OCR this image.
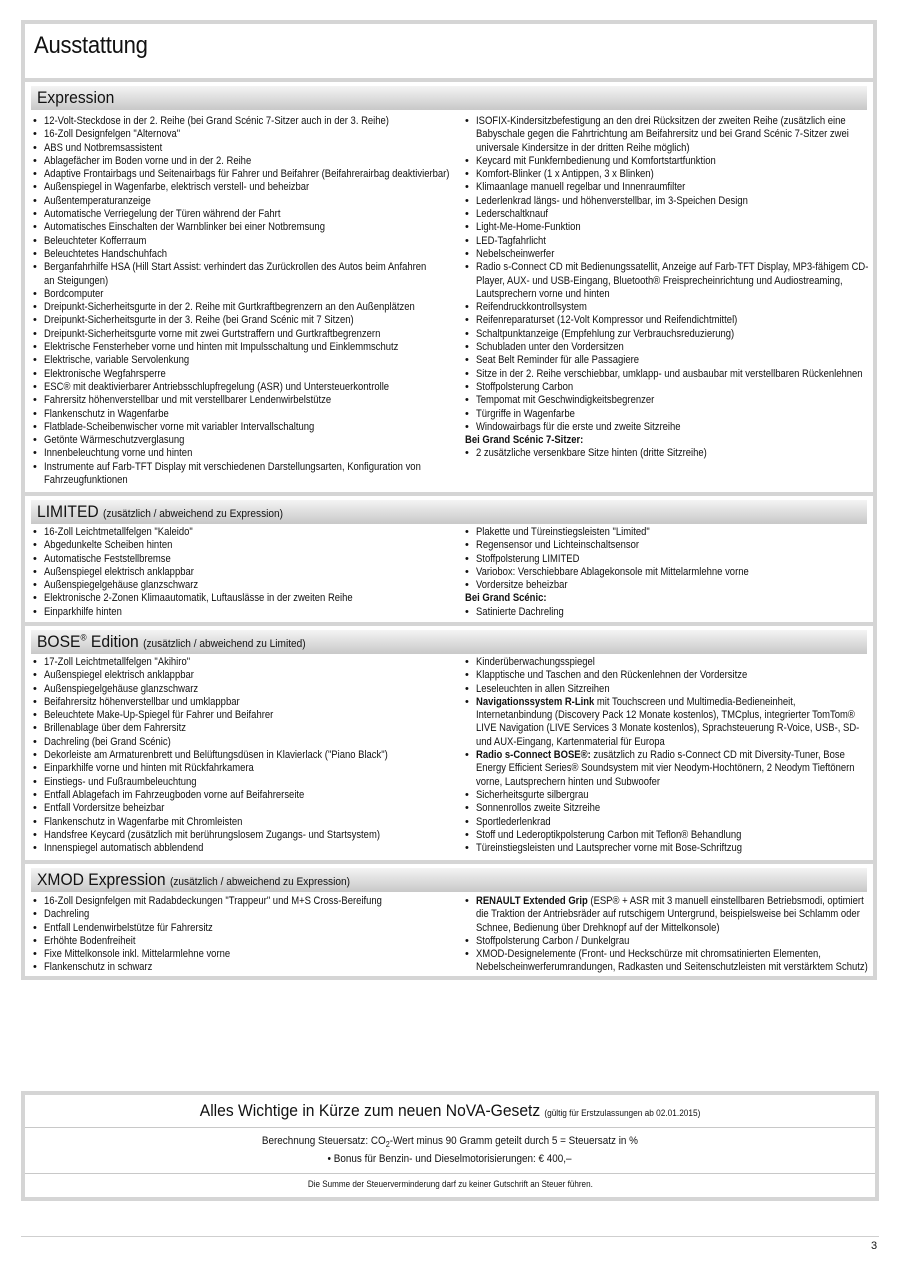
Ausstattung
Expression
• 12-Volt-Steckdose in der 2. Reihe (bei Grand Scénic 7-Sitzer auch in der 3. Reihe)
• 16-Zoll Designfelgen "Alternova"
• ABS und Notbremsassistent
• Ablagefächer im Boden vorne und in der 2. Reihe
• Adaptive Frontairbags und Seitenairbags für Fahrer und Beifahrer (Beifahrerairbag deaktivierbar)
• Außenspiegel in Wagenfarbe, elektrisch verstell- und beheizbar
• Außentemperaturanzeige
• Automatische Verriegelung der Türen während der Fahrt
• Automatisches Einschalten der Warnblinker bei einer Notbremsung
• Beleuchteter Kofferraum
• Beleuchtetes Handschuhfach
• Berganfahrhilfe HSA (Hill Start Assist: verhindert das Zurückrollen des Autos beim Anfahren
an Steigungen)
• Bordcomputer
• Dreipunkt-Sicherheitsgurte in der 2. Reihe mit Gurtkraftbegrenzern an den Außenplätzen
• Dreipunkt-Sicherheitsgurte in der 3. Reihe (bei Grand Scénic mit 7 Sitzen)
• Dreipunkt-Sicherheitsgurte vorne mit zwei Gurtstraffern und Gurtkraftbegrenzern
• Elektrische Fensterheber vorne und hinten mit Impulsschaltung und Einklemmschutz
• Elektrische, variable Servolenkung
• Elektronische Wegfahrsperre
• ESC® mit deaktivierbarer Antriebsschlupfregelung (ASR) und Untersteuerkontrolle
• Fahrersitz höhenverstellbar und mit verstellbarer Lendenwirbelstütze
• Flankenschutz in Wagenfarbe
• Flatblade-Scheibenwischer vorne mit variabler Intervallschaltung
• Getönte Wärmeschutzverglasung
• Innenbeleuchtung vorne und hinten
• Instrumente auf Farb-TFT Display mit verschiedenen Darstellungsarten, Konfiguration von
Fahrzeugfunktionen
• ISOFIX-Kindersitzbefestigung an den drei Rücksitzen der zweiten Reihe (zusätzlich eine
Babyschale gegen die Fahrtrichtung am Beifahrersitz und bei Grand Scénic 7-Sitzer zwei
universale Kindersitze in der dritten Reihe möglich)
• Keycard mit Funkfernbedienung und Komfortstartfunktion
• Komfort-Blinker (1 x Antippen, 3 x Blinken)
• Klimaanlage manuell regelbar und Innenraumfilter
• Lederlenkrad längs- und höhenverstellbar, im 3-Speichen Design
• Lederschaltknauf
• Light-Me-Home-Funktion
• LED-Tagfahrlicht
• Nebelscheinwerfer
• Radio s-Connect CD mit Bedienungssatellit, Anzeige auf Farb-TFT Display, MP3-fähigem CD-
Player, AUX- und USB-Eingang, Bluetooth® Freisprecheinrichtung und Audiostreaming,
Lautsprechern vorne und hinten
• Reifendruckkontrollsystem
• Reifenreparaturset (12-Volt Kompressor und Reifendichtmittel)
• Schaltpunktanzeige (Empfehlung zur Verbrauchsreduzierung)
• Schubladen unter den Vordersitzen
• Seat Belt Reminder für alle Passagiere
• Sitze in der 2. Reihe verschiebbar, umklapp- und ausbaubar mit verstellbaren Rückenlehnen
• Stoffpolsterung Carbon
• Tempomat mit Geschwindigkeitsbegrenzer
• Türgriffe in Wagenfarbe
• Windowairbags für die erste und zweite Sitzreihe
Bei Grand Scénic 7-Sitzer:
• 2 zusätzliche versenkbare Sitze hinten (dritte Sitzreihe)
LIMITED (zusätzlich / abweichend zu Expression)
• 16-Zoll Leichtmetallfelgen "Kaleido"
• Abgedunkelte Scheiben hinten
• Automatische Feststellbremse
• Außenspiegel elektrisch anklappbar
• Außenspiegelgehäuse glanzschwarz
• Elektronische 2-Zonen Klimaautomatik, Luftauslässe in der zweiten Reihe
• Einparkhilfe hinten
• Plakette und Türeinstiegsleisten "Limited"
• Regensensor und Lichteinschaltsensor
• Stoffpolsterung LIMITED
• Variobox: Verschiebbare Ablagekonsole mit Mittelarmlehne vorne
• Vordersitze beheizbar
Bei Grand Scénic:
• Satinierte Dachreling
BOSE® Edition (zusätzlich / abweichend zu Limited)
• 17-Zoll Leichtmetallfelgen "Akihiro"
• Außenspiegel elektrisch anklappbar
• Außenspiegelgehäuse glanzschwarz
• Beifahrersitz höhenverstellbar und umklappbar
• Beleuchtete Make-Up-Spiegel für Fahrer und Beifahrer
• Brillenablage über dem Fahrersitz
• Dachreling (bei Grand Scénic)
• Dekorleiste am Armaturenbrett und Belüftungsdüsen in Klavierlack ("Piano Black")
• Einparkhilfe vorne und hinten mit Rückfahrkamera
• Einstiegs- und Fußraumbeleuchtung
• Entfall Ablagefach im Fahrzeugboden vorne auf Beifahrerseite
• Entfall Vordersitze beheizbar
• Flankenschutz in Wagenfarbe mit Chromleisten
• Handsfree Keycard (zusätzlich mit berührungslosem Zugangs- und Startsystem)
• Innenspiegel automatisch abblendend
• Kinderüberwachungsspiegel
• Klapptische und Taschen and den Rückenlehnen der Vordersitze
• Leseleuchten in allen Sitzreihen
• Navigationssystem R-Link mit Touchscreen und Multimedia-Bedieneinheit,
Internetanbindung (Discovery Pack 12 Monate kostenlos), TMCplus, integrierter TomTom®
LIVE Navigation (LIVE Services 3 Monate kostenlos), Sprachsteuerung R-Voice, USB-, SD-
und AUX-Eingang, Kartenmaterial für Europa
• Radio s-Connect BOSE®: zusätzlich zu Radio s-Connect CD mit Diversity-Tuner, Bose
Energy Efficient Series® Soundsystem mit vier Neodym-Hochtönern, 2 Neodym Tieftönern
vorne, Lautsprechern hinten und Subwoofer
• Sicherheitsgurte silbergrau
• Sonnenrollos zweite Sitzreihe
• Sportlederlenkrad
• Stoff und Lederoptikpolsterung Carbon mit Teflon® Behandlung
• Türeinstiegsleisten und Lautsprecher vorne mit Bose-Schriftzug
XMOD Expression (zusätzlich / abweichend zu Expression)
• 16-Zoll Designfelgen mit Radabdeckungen "Trappeur" und M+S Cross-Bereifung
• Dachreling
• Entfall Lendenwirbelstütze für Fahrersitz
• Erhöhte Bodenfreiheit
• Fixe Mittelkonsole inkl. Mittelarmlehne vorne
• Flankenschutz in schwarz
• RENAULT Extended Grip (ESP® + ASR mit 3 manuell einstellbaren Betriebsmodi, optimiert
die Traktion der Antriebsräder auf rutschigem Untergrund, beispielsweise bei Schlamm oder
Schnee, Bedienung über Drehknopf auf der Mittelkonsole)
• Stoffpolsterung Carbon / Dunkelgrau
• XMOD-Designelemente (Front- und Heckschürze mit chromsatinierten Elementen,
Nebelscheinwerferumrandungen, Radkasten und Seitenschutzleisten mit verstärktem Schutz)
Alles Wichtige in Kürze zum neuen NoVA-Gesetz (gültig für Erstzulassungen ab 02.01.2015)
Berechnung Steuersatz: $CO_2$-Wert minus 90 Gramm geteilt durch 5 = Steuersatz in %
• Bonus für Benzin- und Dieselmotorisierungen: € 400,–
Die Summe der Steuerverminderung darf zu keiner Gutschrift an Steuer führen.
3
